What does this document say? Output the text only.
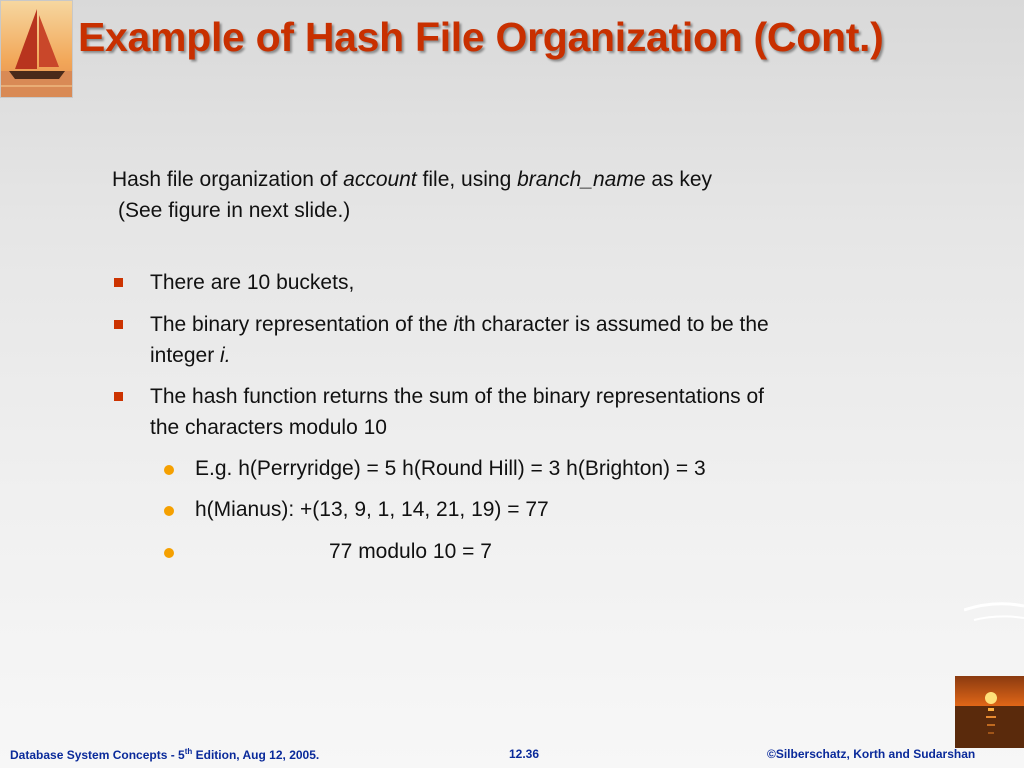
Example of Hash File Organization (Cont.)
Hash file organization of account file, using branch_name as key
(See figure in next slide.)
There are 10 buckets,
The binary representation of the ith character is assumed to be the
integer i.
The hash function returns the sum of the binary representations of
the characters modulo 10
E.g. h(Perryridge) = 5 h(Round Hill) = 3 h(Brighton) = 3
h(Mianus): +(13, 9, 1, 14, 21, 19) = 77
77 modulo 10 = 7
Database System Concepts - 5th Edition, Aug 12, 2005.	12.36	©Silberschatz, Korth and Sudarshan
